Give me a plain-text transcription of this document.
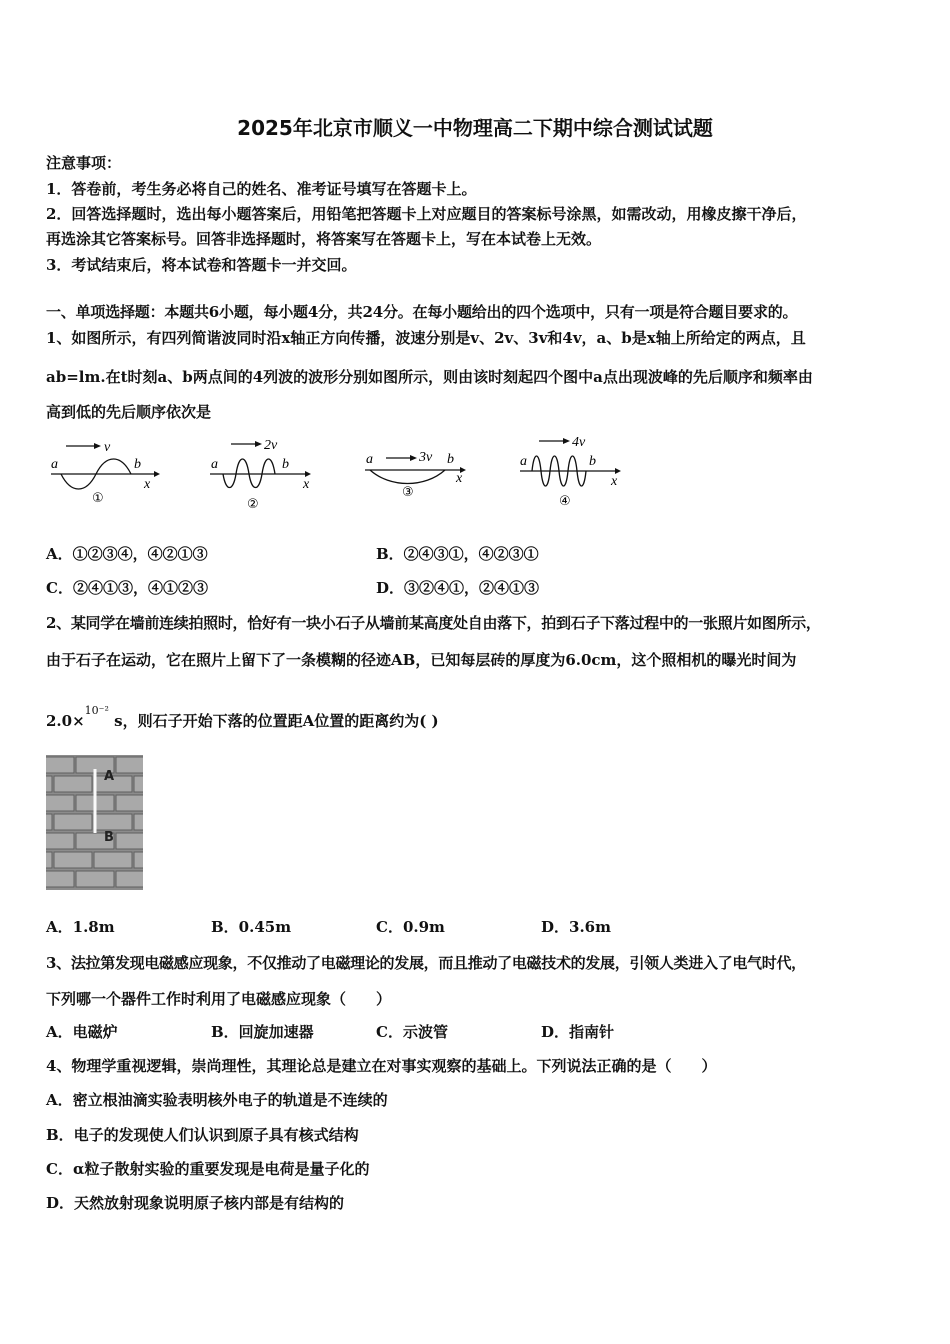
2025年北京市顺义一中物理高二下期中综合测试试题
注意事项：
1．答卷前，考生务必将自己的姓名、准考证号填写在答题卡上。
2．回答选择题时，选出每小题答案后，用铅笔把答题卡上对应题目的答案标号涂黑，如需改动，用橡皮擦干净后，
再选涂其它答案标号。回答非选择题时，将答案写在答题卡上，写在本试卷上无效。
3．考试结束后，将本试卷和答题卡一并交回。
一、单项选择题：本题共6小题，每小题4分，共24分。在每小题给出的四个选项中，只有一项是符合题目要求的。
1、如图所示，有四列简谐波同时沿x轴正方向传播，波速分别是v、2v、3v和4v，a、b是x轴上所给定的两点，且
ab=lm.在t时刻a、b两点间的4列波的波形分别如图所示，则由该时刻起四个图中a点出现波峰的先后顺序和频率由
高到低的先后顺序依次是
v
a	b
x
①
2v
a	b
x
②
a	3v b
x
③
4v
a	b
x
④
A．①②③④，④②①③	B．②④③①，④②③①
C．②④①③，④①②③	D．③②④①，②④①③
2、某同学在墙前连续拍照时，恰好有一块小石子从墙前某高度处自由落下，拍到石子下落过程中的一张照片如图所示，
由于石子在运动，它在照片上留下了一条模糊的径迹AB，已知每层砖的厚度为6.0cm，这个照相机的曝光时间为
2.0×$^{10^{-2}}$ s，则石子开始下落的位置距A位置的距离约为( )
A
B
A．1.8m	B．0.45m	C．0.9m	D．3.6m
3、法拉第发现电磁感应现象，不仅推动了电磁理论的发展，而且推动了电磁技术的发展，引领人类进入了电气时代，
下列哪一个器件工作时利用了电磁感应现象（　　）
A．电磁炉	B．回旋加速器	C．示波管	D．指南针
4、物理学重视逻辑，崇尚理性，其理论总是建立在对事实观察的基础上。下列说法正确的是（　　）
A．密立根油滴实验表明核外电子的轨道是不连续的
B．电子的发现使人们认识到原子具有核式结构
C．α粒子散射实验的重要发现是电荷是量子化的
D．天然放射现象说明原子核内部是有结构的
